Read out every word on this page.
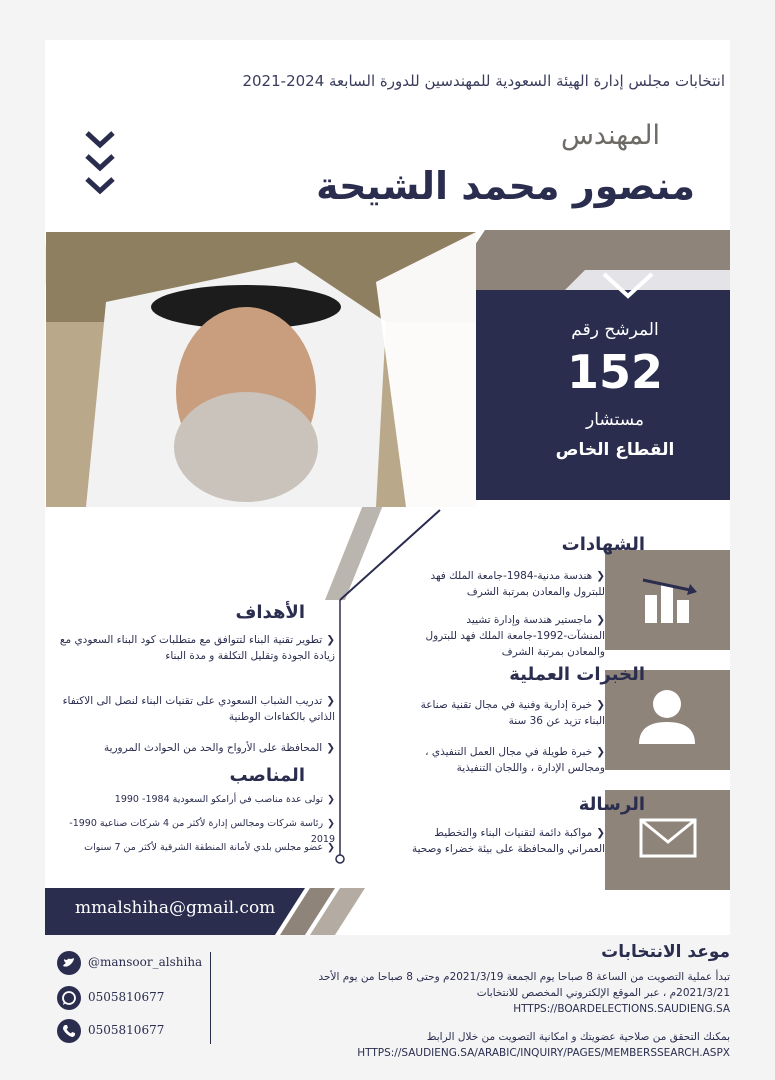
انتخابات مجلس إدارة الهيئة السعودية للمهندسين للدورة السابعة 2024-2021
المهندس
منصور محمد الشيحة
المرشح رقم
152
مستشار
القطاع الخاص
الشهادات
❮هندسة مدنية-1984-جامعة الملك فهد للبترول والمعادن بمرتبة الشرف
❮ماجستير هندسة وإدارة تشييد المنشآت-1992-جامعة الملك فهد للبترول والمعادن بمرتبة الشرف
الخبرات العملية
❮خبرة إدارية وفنية في مجال تقنية صناعة البناء تزيد عن 36 سنة
❮خبرة طويلة في مجال العمل التنفيذي ، ومجالس الإدارة ، واللجان التنفيذية
الرسالة
❮مواكبة دائمة لتقنيات البناء والتخطيط العمراني والمحافظة على بيئة خضراء وصحية
الأهداف
❮تطوير تقنية البناء لتتوافق مع متطلبات كود البناء السعودي مع زيادة الجودة وتقليل التكلفة و مدة البناء
❮تدريب الشباب السعودي على تقنيات البناء لنصل الى الاكتفاء الذاتي بالكفاءات الوطنية
❮المحافظة على الأرواح والحد من الحوادث المرورية
المناصب
❮تولى عدة مناصب في أرامكو السعودية 1984- 1990
❮رئاسة شركات ومجالس إدارة لأكثر من 4 شركات صناعية 1990- 2019
❮عضو مجلس بلدي لأمانة المنطقة الشرقية لأكثر من 7 سنوات
mmalshiha@gmail.com
@mansoor_alshiha
0505810677
0505810677
موعد الانتخابات
تبدأ عملية التصويت من الساعة 8 صباحا يوم الجمعة 2021/3/19م وحتى 8 صباحا من يوم الأحد
2021/3/21م ، عبر الموقع الإلكتروني المخصص للانتخابات
HTTPS://BOARDELECTIONS.SAUDIENG.SA
بمكنك التحقق من صلاحية عضويتك و امكانية التصويت من خلال الرابط
HTTPS://SAUDIENG.SA/ARABIC/INQUIRY/PAGES/MEMBERSSEARCH.ASPX
